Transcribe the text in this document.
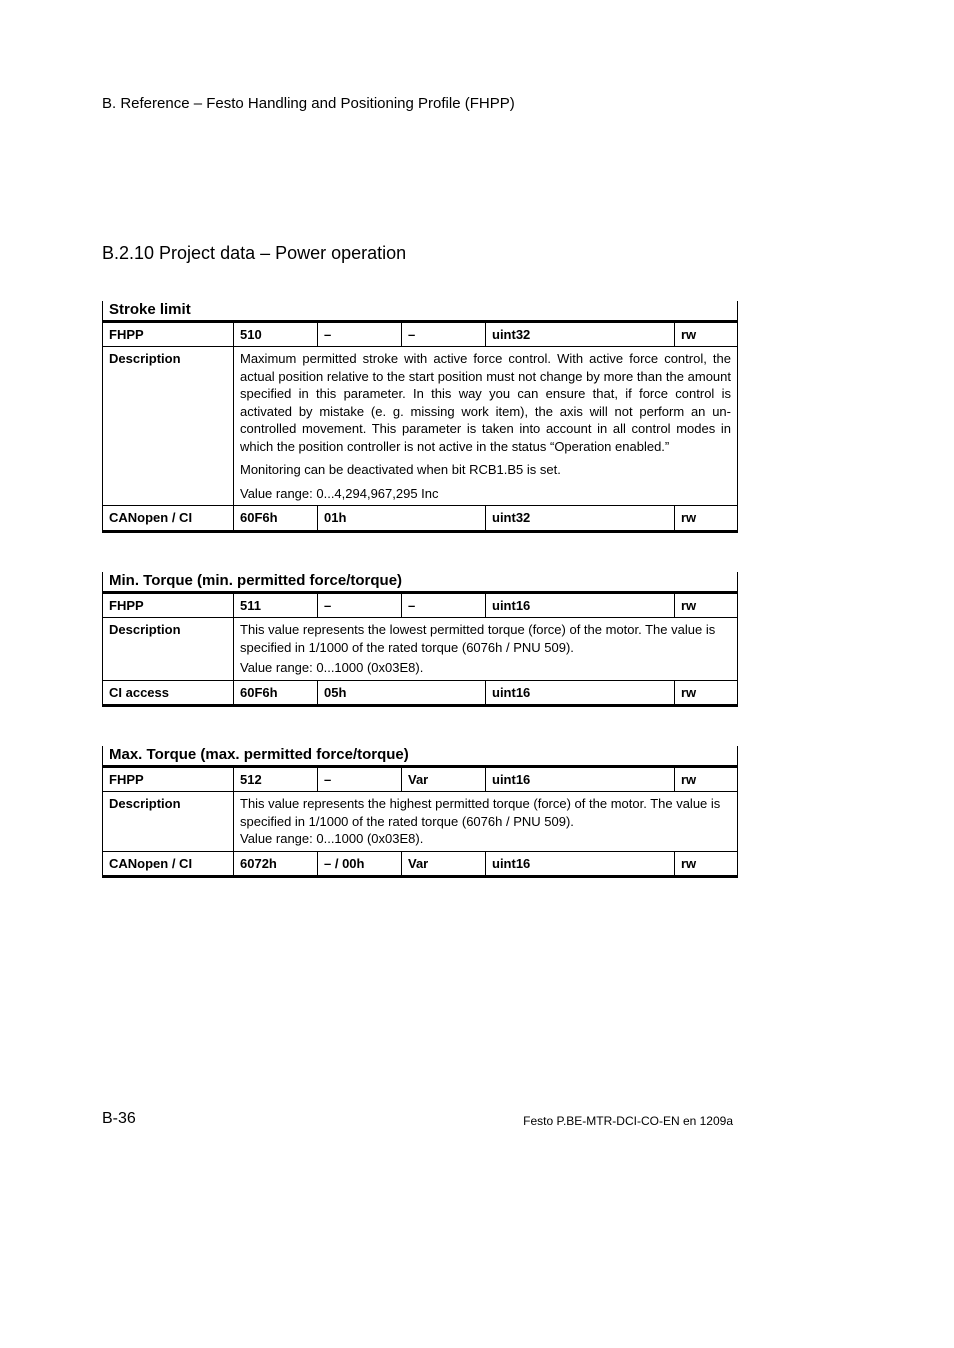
B. Reference – Festo Handling and Positioning Profile (FHPP)
B.2.10 Project data – Power operation
Stroke limit					
FHPP	510	–	–	uint32	rw
Description	Maximum permitted stroke with active force control. With active force control, the actual position relative to the start position must not change by more than the amount specified in this parameter. In this way you can ensure that, if force control is activated by mistake (e. g. missing work item), the axis will not perform an uncontrolled movement. This parameter is taken into account in all control modes in which the position controller is not active in the status “Operation enabled.”

Monitoring can be deactivated when bit RCB1.B5 is set.

Value range: 0...4,294,967,295 Inc				

CANopen / CI	60F6h	01h		uint32	rw
Min. Torque (min. permitted force/torque)					
FHPP	511	–	–	uint16	rw
Description	This value represents the lowest permitted torque (force) of the motor. The value is specified in 1/1000 of the rated torque (6076h / PNU 509).

Value range: 0...1000 (0x03E8).				

CI access	60F6h	05h		uint16	rw
Max. Torque (max. permitted force/torque)					
FHPP	512	–	Var	uint16	rw
Description	This value represents the highest permitted torque (force) of the motor. The value is specified in 1/1000 of the rated torque (6076h / PNU 509).

Value range: 0...1000 (0x03E8).				

CANopen / CI	6072h	– / 00h	Var	uint16	rw
B-36	Festo P.BE-MTR-DCI-CO-EN en 1209a
